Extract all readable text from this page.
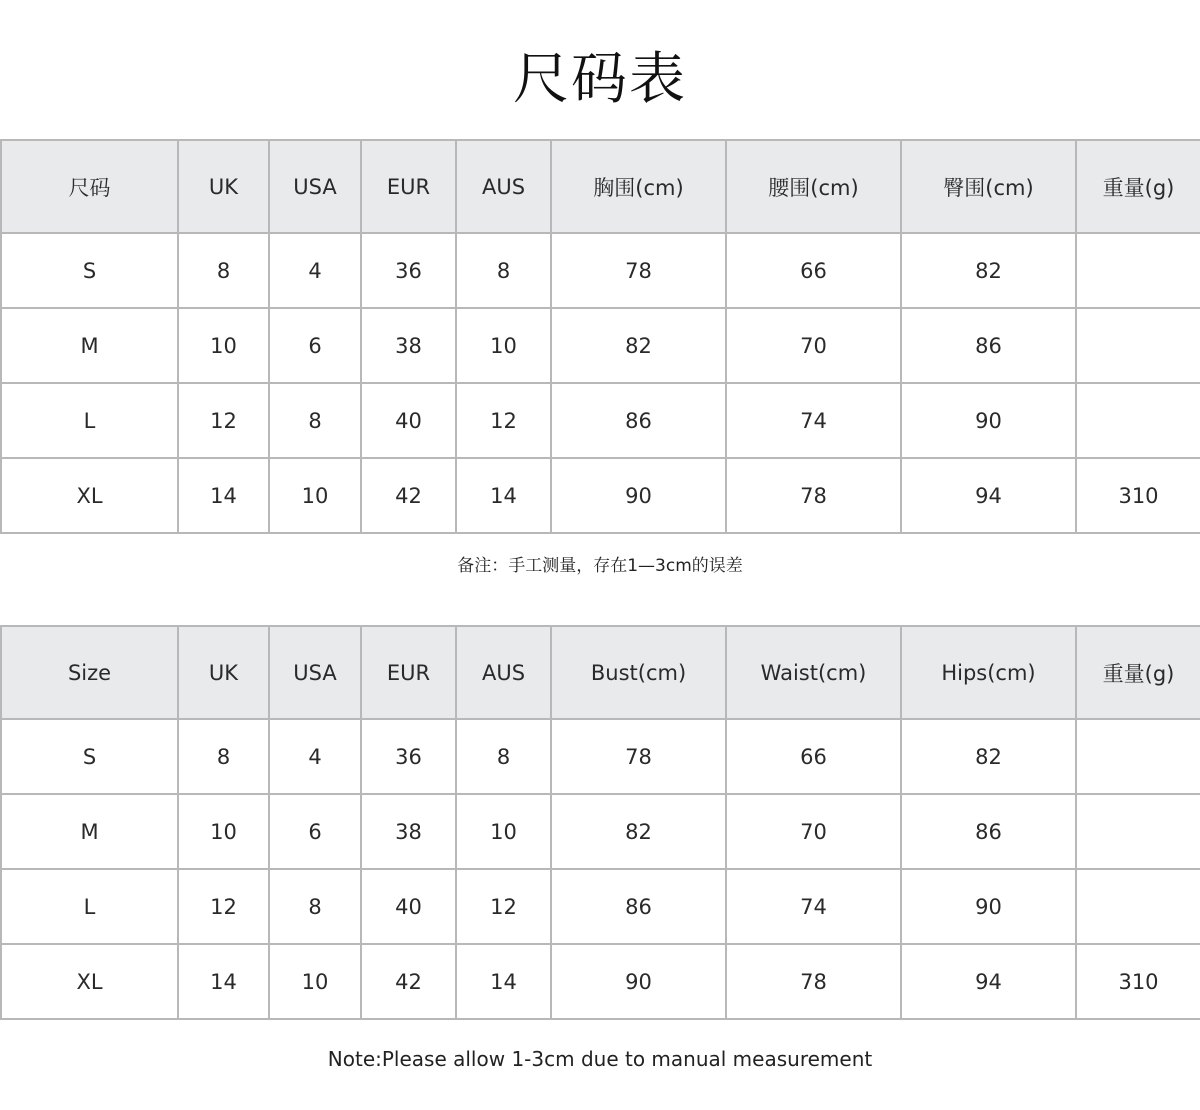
尺码表
尺码	UK	USA	EUR	AUS	胸围(cm)	腰围(cm)	臀围(cm)	重量(g)
S	8	4	36	8	78	66	82	
M	10	6	38	10	82	70	86	
L	12	8	40	12	86	74	90	
XL	14	10	42	14	90	78	94	310
备注：手工测量，存在1—3cm的误差
Size	UK	USA	EUR	AUS	Bust(cm)	Waist(cm)	Hips(cm)	重量(g)
S	8	4	36	8	78	66	82	
M	10	6	38	10	82	70	86	
L	12	8	40	12	86	74	90	
XL	14	10	42	14	90	78	94	310
Note:Please allow 1-3cm due to manual measurement
